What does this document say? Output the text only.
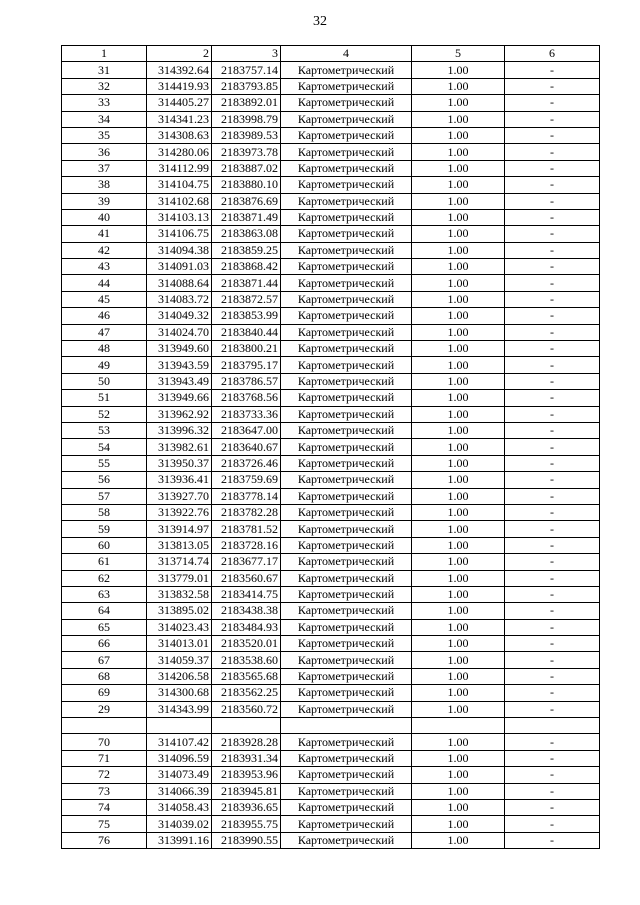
32
1	2	3	4	5	6
31	314392.64	2183757.14	Картометрический	1.00	-
32	314419.93	2183793.85	Картометрический	1.00	-
33	314405.27	2183892.01	Картометрический	1.00	-
34	314341.23	2183998.79	Картометрический	1.00	-
35	314308.63	2183989.53	Картометрический	1.00	-
36	314280.06	2183973.78	Картометрический	1.00	-
37	314112.99	2183887.02	Картометрический	1.00	-
38	314104.75	2183880.10	Картометрический	1.00	-
39	314102.68	2183876.69	Картометрический	1.00	-
40	314103.13	2183871.49	Картометрический	1.00	-
41	314106.75	2183863.08	Картометрический	1.00	-
42	314094.38	2183859.25	Картометрический	1.00	-
43	314091.03	2183868.42	Картометрический	1.00	-
44	314088.64	2183871.44	Картометрический	1.00	-
45	314083.72	2183872.57	Картометрический	1.00	-
46	314049.32	2183853.99	Картометрический	1.00	-
47	314024.70	2183840.44	Картометрический	1.00	-
48	313949.60	2183800.21	Картометрический	1.00	-
49	313943.59	2183795.17	Картометрический	1.00	-
50	313943.49	2183786.57	Картометрический	1.00	-
51	313949.66	2183768.56	Картометрический	1.00	-
52	313962.92	2183733.36	Картометрический	1.00	-
53	313996.32	2183647.00	Картометрический	1.00	-
54	313982.61	2183640.67	Картометрический	1.00	-
55	313950.37	2183726.46	Картометрический	1.00	-
56	313936.41	2183759.69	Картометрический	1.00	-
57	313927.70	2183778.14	Картометрический	1.00	-
58	313922.76	2183782.28	Картометрический	1.00	-
59	313914.97	2183781.52	Картометрический	1.00	-
60	313813.05	2183728.16	Картометрический	1.00	-
61	313714.74	2183677.17	Картометрический	1.00	-
62	313779.01	2183560.67	Картометрический	1.00	-
63	313832.58	2183414.75	Картометрический	1.00	-
64	313895.02	2183438.38	Картометрический	1.00	-
65	314023.43	2183484.93	Картометрический	1.00	-
66	314013.01	2183520.01	Картометрический	1.00	-
67	314059.37	2183538.60	Картометрический	1.00	-
68	314206.58	2183565.68	Картометрический	1.00	-
69	314300.68	2183562.25	Картометрический	1.00	-
29	314343.99	2183560.72	Картометрический	1.00	-

70	314107.42	2183928.28	Картометрический	1.00	-
71	314096.59	2183931.34	Картометрический	1.00	-
72	314073.49	2183953.96	Картометрический	1.00	-
73	314066.39	2183945.81	Картометрический	1.00	-
74	314058.43	2183936.65	Картометрический	1.00	-
75	314039.02	2183955.75	Картометрический	1.00	-
76	313991.16	2183990.55	Картометрический	1.00	-
